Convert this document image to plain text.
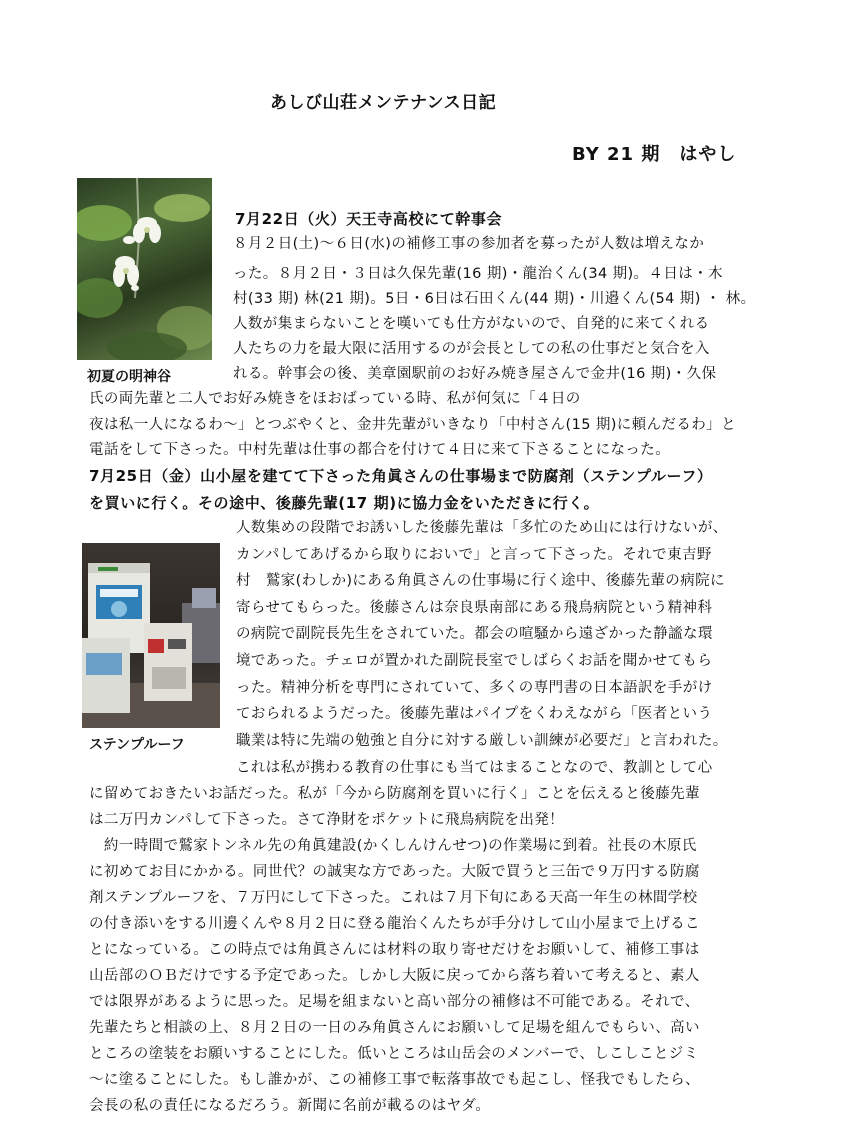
あしび山荘メンテナンス日記
BY 21 期　はやし
初夏の明神谷
ステンプルーフ
7月22日（火）天王寺高校にて幹事会
８月２日(土)～６日(水)の補修工事の参加者を募ったが人数は増えなか
った。８月２日・３日は久保先輩(16 期)・龍治くん(34 期)。４日は・木
村(33 期) 林(21 期)。5日・6日は石田くん(44 期)・川邉くん(54 期) ・ 林。
人数が集まらないことを嘆いても仕方がないので、自発的に来てくれる
人たちの力を最大限に活用するのが会長としての私の仕事だと気合を入
れる。幹事会の後、美章園駅前のお好み焼き屋さんで金井(16 期)・久保
氏の両先輩と二人でお好み焼きをほおばっている時、私が何気に「４日の
夜は私一人になるわ～」とつぶやくと、金井先輩がいきなり「中村さん(15 期)に頼んだるわ」と
電話をして下さった。中村先輩は仕事の都合を付けて４日に来て下さることになった。
7月25日（金）山小屋を建てて下さった角眞さんの仕事場まで防腐剤（ステンプルーフ）
を買いに行く。その途中、後藤先輩(17 期)に協力金をいただきに行く。
人数集めの段階でお誘いした後藤先輩は「多忙のため山には行けないが、
カンパしてあげるから取りにおいで」と言って下さった。それで東吉野
村　鷲家(わしか)にある角眞さんの仕事場に行く途中、後藤先輩の病院に
寄らせてもらった。後藤さんは奈良県南部にある飛鳥病院という精神科
の病院で副院長先生をされていた。都会の喧騒から遠ざかった静謐な環
境であった。チェロが置かれた副院長室でしばらくお話を聞かせてもら
った。精神分析を専門にされていて、多くの専門書の日本語訳を手がけ
ておられるようだった。後藤先輩はパイプをくわえながら「医者という
職業は特に先端の勉強と自分に対する厳しい訓練が必要だ」と言われた。
これは私が携わる教育の仕事にも当てはまることなので、教訓として心
に留めておきたいお話だった。私が「今から防腐剤を買いに行く」ことを伝えると後藤先輩
は二万円カンパして下さった。さて浄財をポケットに飛鳥病院を出発！
　約一時間で鷲家トンネル先の角眞建設(かくしんけんせつ)の作業場に到着。社長の木原氏
に初めてお目にかかる。同世代？の誠実な方であった。大阪で買うと三缶で９万円する防腐
剤ステンプルーフを、７万円にして下さった。これは７月下旬にある天高一年生の林間学校
の付き添いをする川邊くんや８月２日に登る龍治くんたちが手分けして山小屋まで上げるこ
とになっている。この時点では角眞さんには材料の取り寄せだけをお願いして、補修工事は
山岳部のＯＢだけでする予定であった。しかし大阪に戻ってから落ち着いて考えると、素人
では限界があるように思った。足場を組まないと高い部分の補修は不可能である。それで、
先輩たちと相談の上、８月２日の一日のみ角眞さんにお願いして足場を組んでもらい、高い
ところの塗装をお願いすることにした。低いところは山岳会のメンバーで、しこしことジミ
～に塗ることにした。もし誰かが、この補修工事で転落事故でも起こし、怪我でもしたら、
会長の私の責任になるだろう。新聞に名前が載るのはヤダ。
